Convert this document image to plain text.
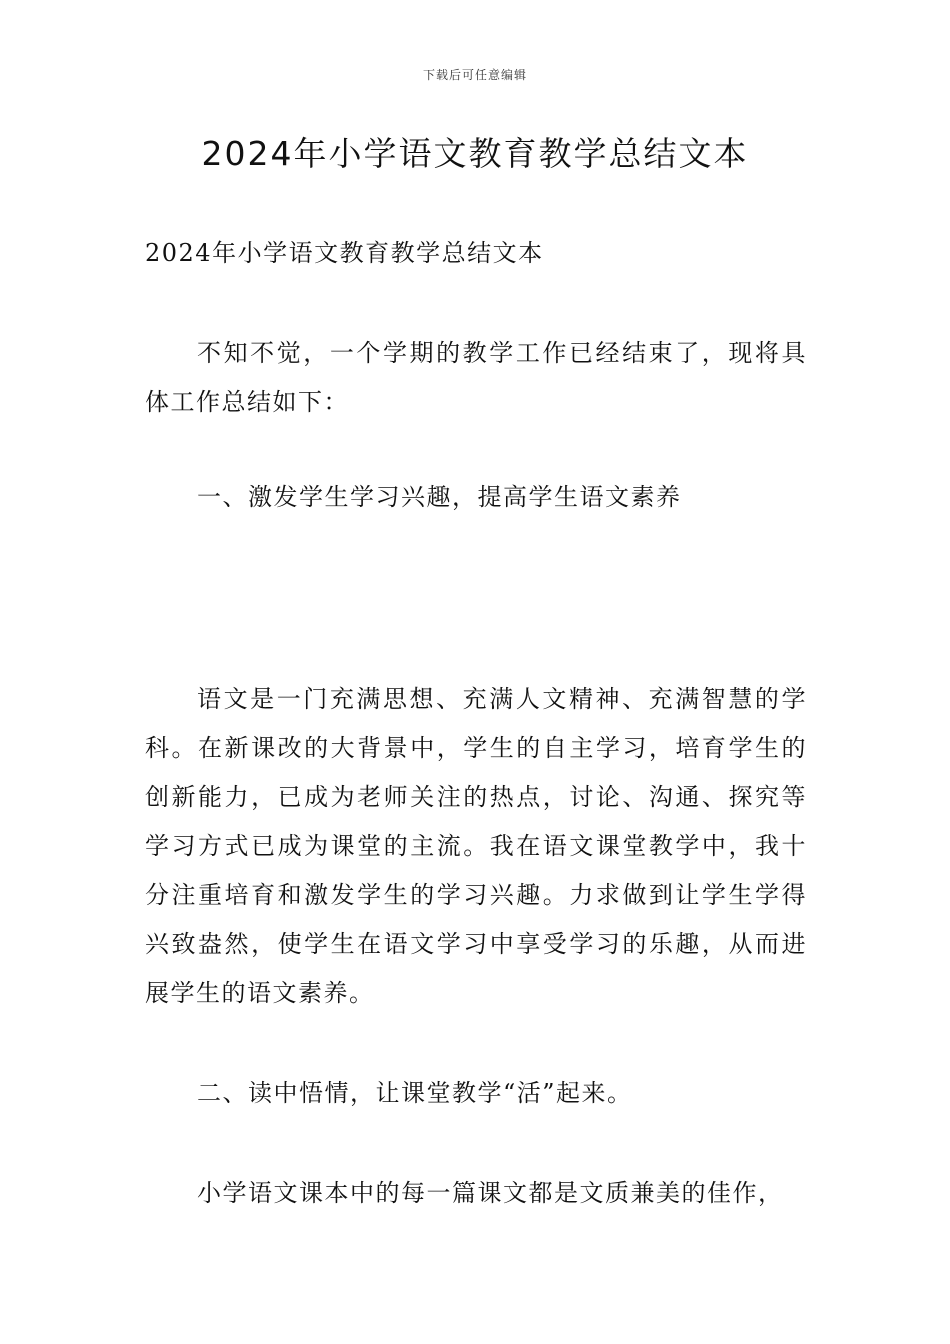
下载后可任意编辑
2024年小学语文教育教学总结文本

2024年小学语文教育教学总结文本

不知不觉，一个学期的教学工作已经结束了，现将具体工作总结如下：

一、激发学生学习兴趣，提高学生语文素养

语文是一门充满思想、充满人文精神、充满智慧的学科。在新课改的大背景中，学生的自主学习，培育学生的创新能力，已成为老师关注的热点，讨论、沟通、探究等学习方式已成为课堂的主流。我在语文课堂教学中，我十分注重培育和激发学生的学习兴趣。力求做到让学生学得兴致盎然，使学生在语文学习中享受学习的乐趣，从而进展学生的语文素养。

二、读中悟情，让课堂教学“活”起来。

小学语文课本中的每一篇课文都是文质兼美的佳作，
